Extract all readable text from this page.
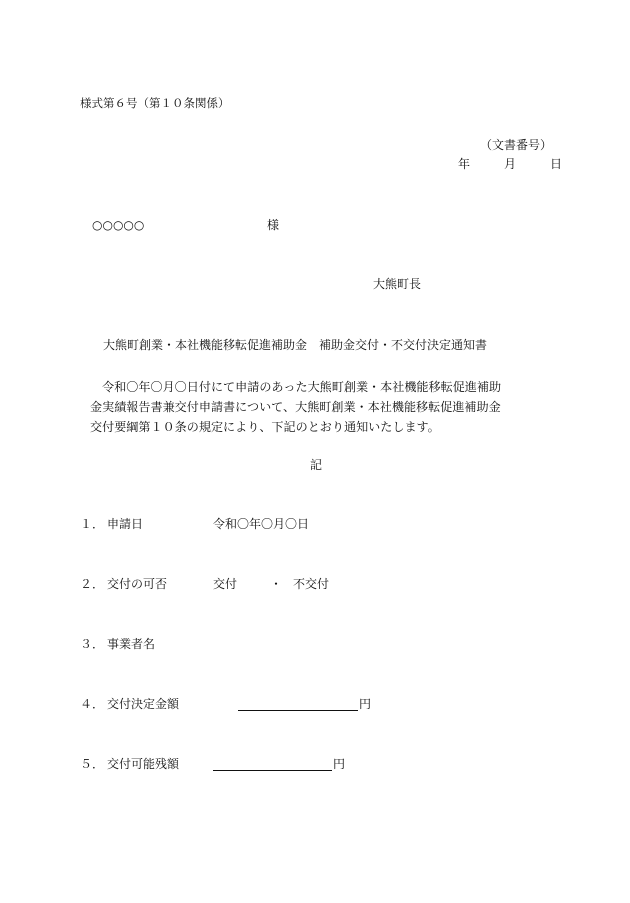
様式第６号（第１０条関係）
（文書番号）
年	月	日
○○○○○	様
大熊町長
大熊町創業・本社機能移転促進補助金　補助金交付・不交付決定通知書
　令和〇年〇月〇日付にて申請のあった大熊町創業・本社機能移転促進補助
金実績報告書兼交付申請書について、大熊町創業・本社機能移転促進補助金
交付要綱第１０条の規定により、下記のとおり通知いたします。
記
１． 申請日	令和〇年〇月〇日
２． 交付の可否	交付	・ 不交付
３． 事業者名
４． 交付決定金額	円
５． 交付可能残額	円
